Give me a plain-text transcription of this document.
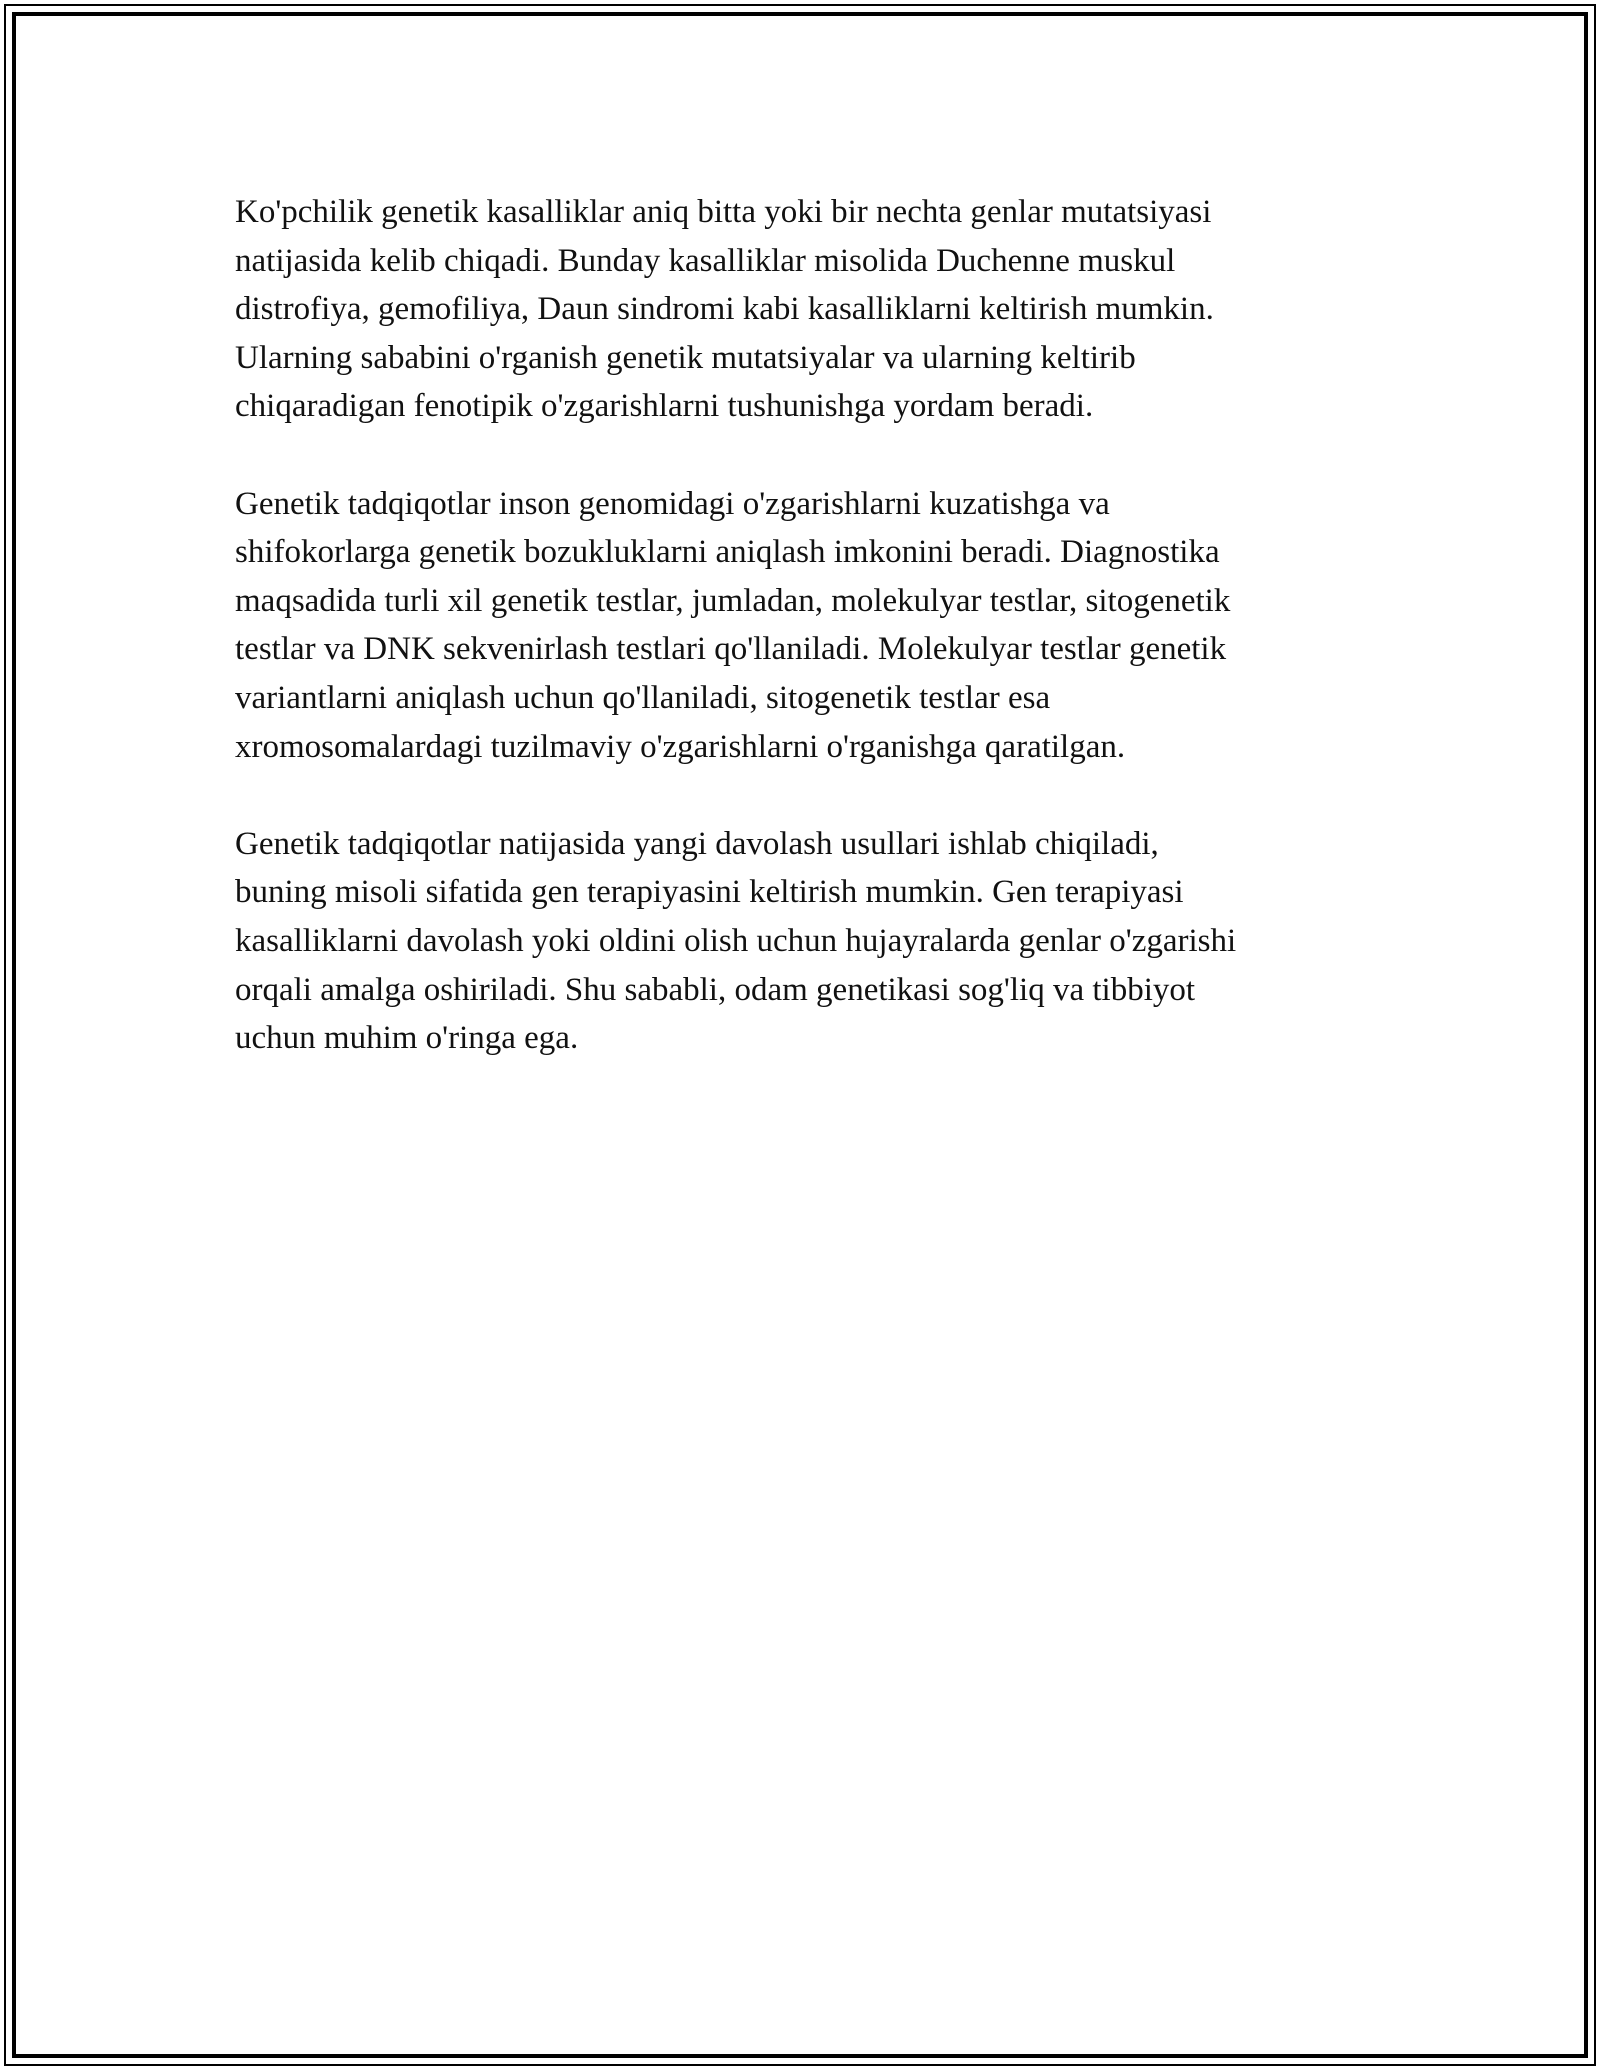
Ko'pchilik genetik kasalliklar aniq bitta yoki bir nechta genlar mutatsiyasi
natijasida kelib chiqadi. Bunday kasalliklar misolida Duchenne muskul
distrofiya, gemofiliya, Daun sindromi kabi kasalliklarni keltirish mumkin.
Ularning sababini o'rganish genetik mutatsiyalar va ularning keltirib
chiqaradigan fenotipik o'zgarishlarni tushunishga yordam beradi.

Genetik tadqiqotlar inson genomidagi o'zgarishlarni kuzatishga va
shifokorlarga genetik bozukluklarni aniqlash imkonini beradi. Diagnostika
maqsadida turli xil genetik testlar, jumladan, molekulyar testlar, sitogenetik
testlar va DNK sekvenirlash testlari qo'llaniladi. Molekulyar testlar genetik
variantlarni aniqlash uchun qo'llaniladi, sitogenetik testlar esa
xromosomalardagi tuzilmaviy o'zgarishlarni o'rganishga qaratilgan.

Genetik tadqiqotlar natijasida yangi davolash usullari ishlab chiqiladi,
buning misoli sifatida gen terapiyasini keltirish mumkin. Gen terapiyasi
kasalliklarni davolash yoki oldini olish uchun hujayralarda genlar o'zgarishi
orqali amalga oshiriladi. Shu sababli, odam genetikasi sog'liq va tibbiyot
uchun muhim o'ringa ega.
